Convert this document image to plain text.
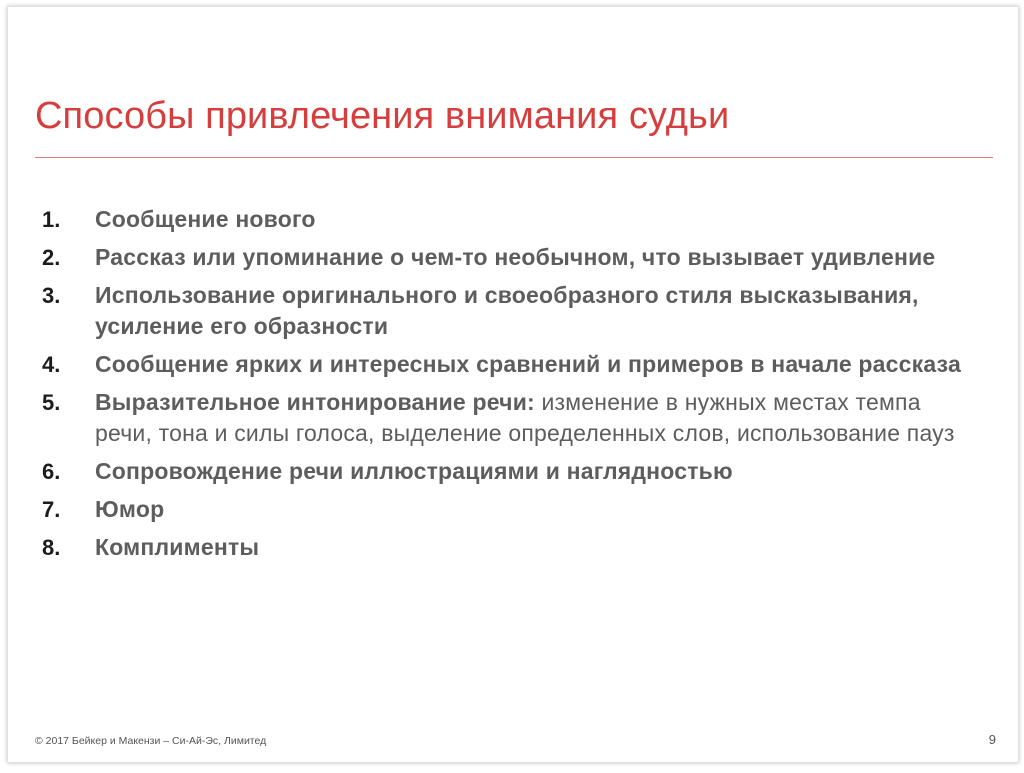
Способы привлечения внимания судьи
1.	Сообщение нового
2.	Рассказ или упоминание о чем-то необычном, что вызывает удивление
3.	Использование оригинального и своеобразного стиля высказывания, усиление его образности
4.	Сообщение ярких и интересных сравнений и примеров в начале рассказа
5.	Выразительное интонирование речи: изменение в нужных местах темпа речи, тона и силы голоса, выделение определенных слов, использование пауз
6.	Сопровождение речи иллюстрациями и наглядностью
7.	Юмор
8.	Комплименты
© 2017 Бейкер и Макензи – Си-Ай-Эс, Лимитед	9
